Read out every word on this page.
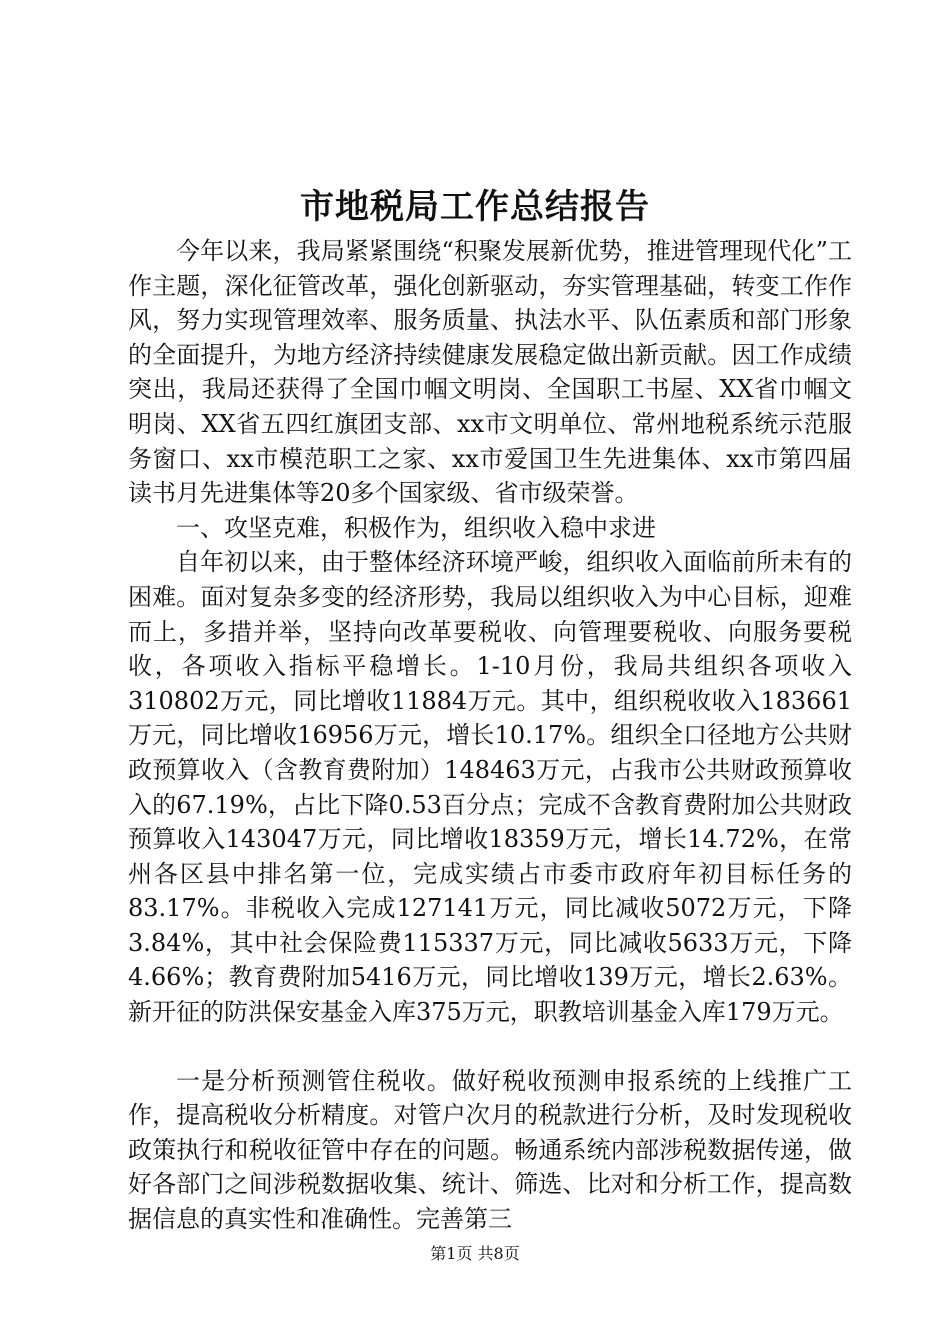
市地税局工作总结报告

今年以来，我局紧紧围绕“积聚发展新优势，推进管理现代化”工作主题，深化征管改革，强化创新驱动，夯实管理基础，转变工作作风，努力实现管理效率、服务质量、执法水平、队伍素质和部门形象的全面提升，为地方经济持续健康发展稳定做出新贡献。因工作成绩突出，我局还获得了全国巾帼文明岗、全国职工书屋、XX省巾帼文明岗、XX省五四红旗团支部、xx市文明单位、常州地税系统示范服务窗口、xx市模范职工之家、xx市爱国卫生先进集体、xx市第四届读书月先进集体等20多个国家级、省市级荣誉。

一、攻坚克难，积极作为，组织收入稳中求进

自年初以来，由于整体经济环境严峻，组织收入面临前所未有的困难。面对复杂多变的经济形势，我局以组织收入为中心目标，迎难而上，多措并举，坚持向改革要税收、向管理要税收、向服务要税收，各项收入指标平稳增长。1-10月份，我局共组织各项收入310802万元，同比增收11884万元。其中，组织税收收入183661万元，同比增收16956万元，增长10.17%。组织全口径地方公共财政预算收入（含教育费附加）148463万元，占我市公共财政预算收入的67.19%，占比下降0.53百分点；完成不含教育费附加公共财政预算收入143047万元，同比增收18359万元，增长14.72%，在常州各区县中排名第一位，完成实绩占市委市政府年初目标任务的83.17%。非税收入完成127141万元，同比减收5072万元，下降3.84%，其中社会保险费115337万元，同比减收5633万元，下降4.66%；教育费附加5416万元，同比增收139万元，增长2.63%。新开征的防洪保安基金入库375万元，职教培训基金入库179万元。

一是分析预测管住税收。做好税收预测申报系统的上线推广工作，提高税收分析精度。对管户次月的税款进行分析，及时发现税收政策执行和税收征管中存在的问题。畅通系统内部涉税数据传递，做好各部门之间涉税数据收集、统计、筛选、比对和分析工作，提高数据信息的真实性和准确性。完善第三

第1页 共8页
